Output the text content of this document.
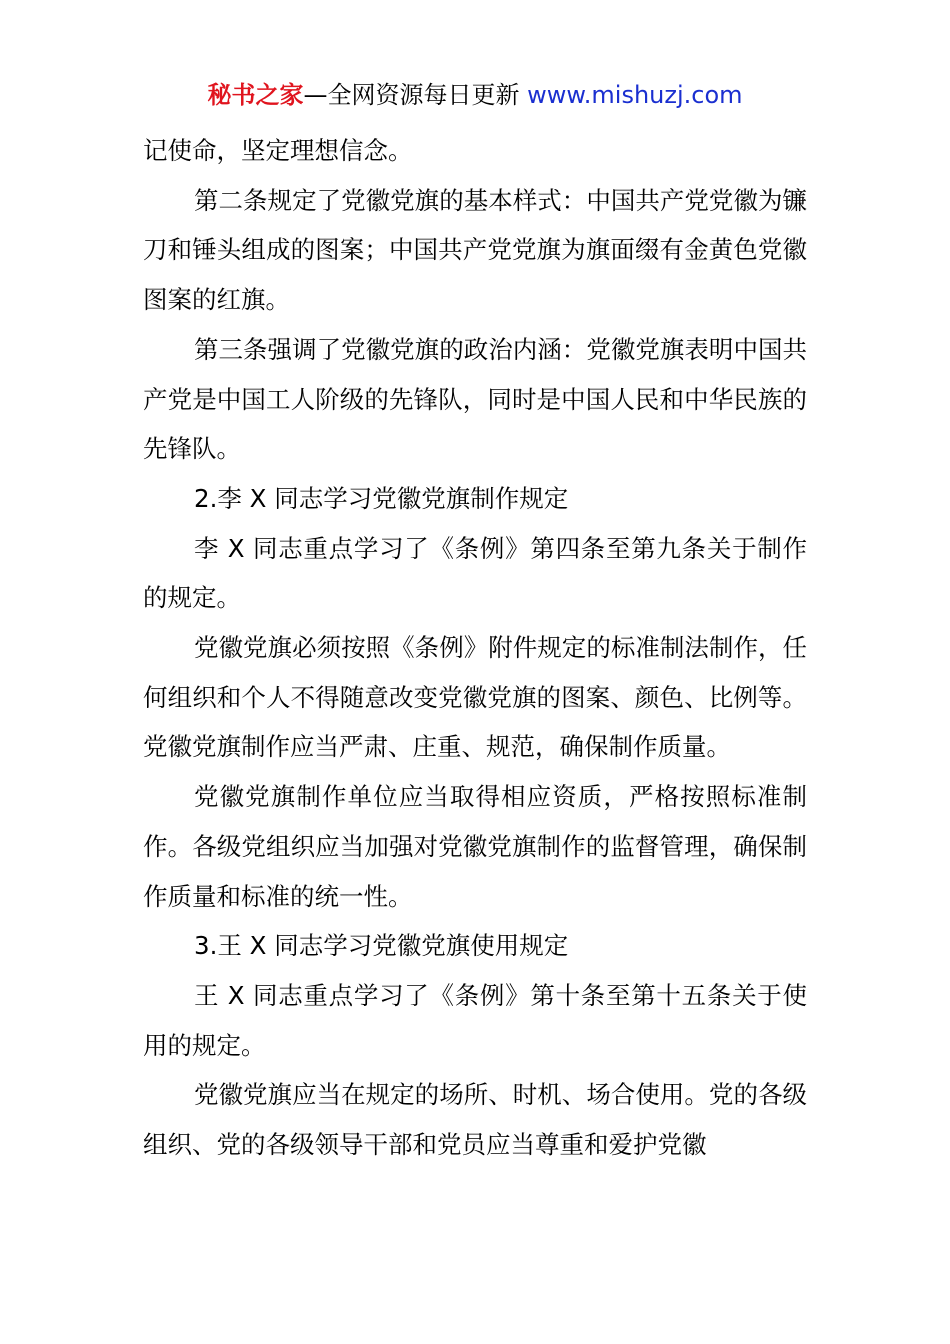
秘书之家—全网资源每日更新 www.mishuzj.com

记使命，坚定理想信念。

第二条规定了党徽党旗的基本样式：中国共产党党徽为镰刀和锤头组成的图案；中国共产党党旗为旗面缀有金黄色党徽图案的红旗。

第三条强调了党徽党旗的政治内涵：党徽党旗表明中国共产党是中国工人阶级的先锋队，同时是中国人民和中华民族的先锋队。

2.李 X 同志学习党徽党旗制作规定

李 X 同志重点学习了《条例》第四条至第九条关于制作的规定。

党徽党旗必须按照《条例》附件规定的标准制法制作，任何组织和个人不得随意改变党徽党旗的图案、颜色、比例等。党徽党旗制作应当严肃、庄重、规范，确保制作质量。

党徽党旗制作单位应当取得相应资质，严格按照标准制作。各级党组织应当加强对党徽党旗制作的监督管理，确保制作质量和标准的统一性。

3.王 X 同志学习党徽党旗使用规定

王 X 同志重点学习了《条例》第十条至第十五条关于使用的规定。

党徽党旗应当在规定的场所、时机、场合使用。党的各级组织、党的各级领导干部和党员应当尊重和爱护党徽
